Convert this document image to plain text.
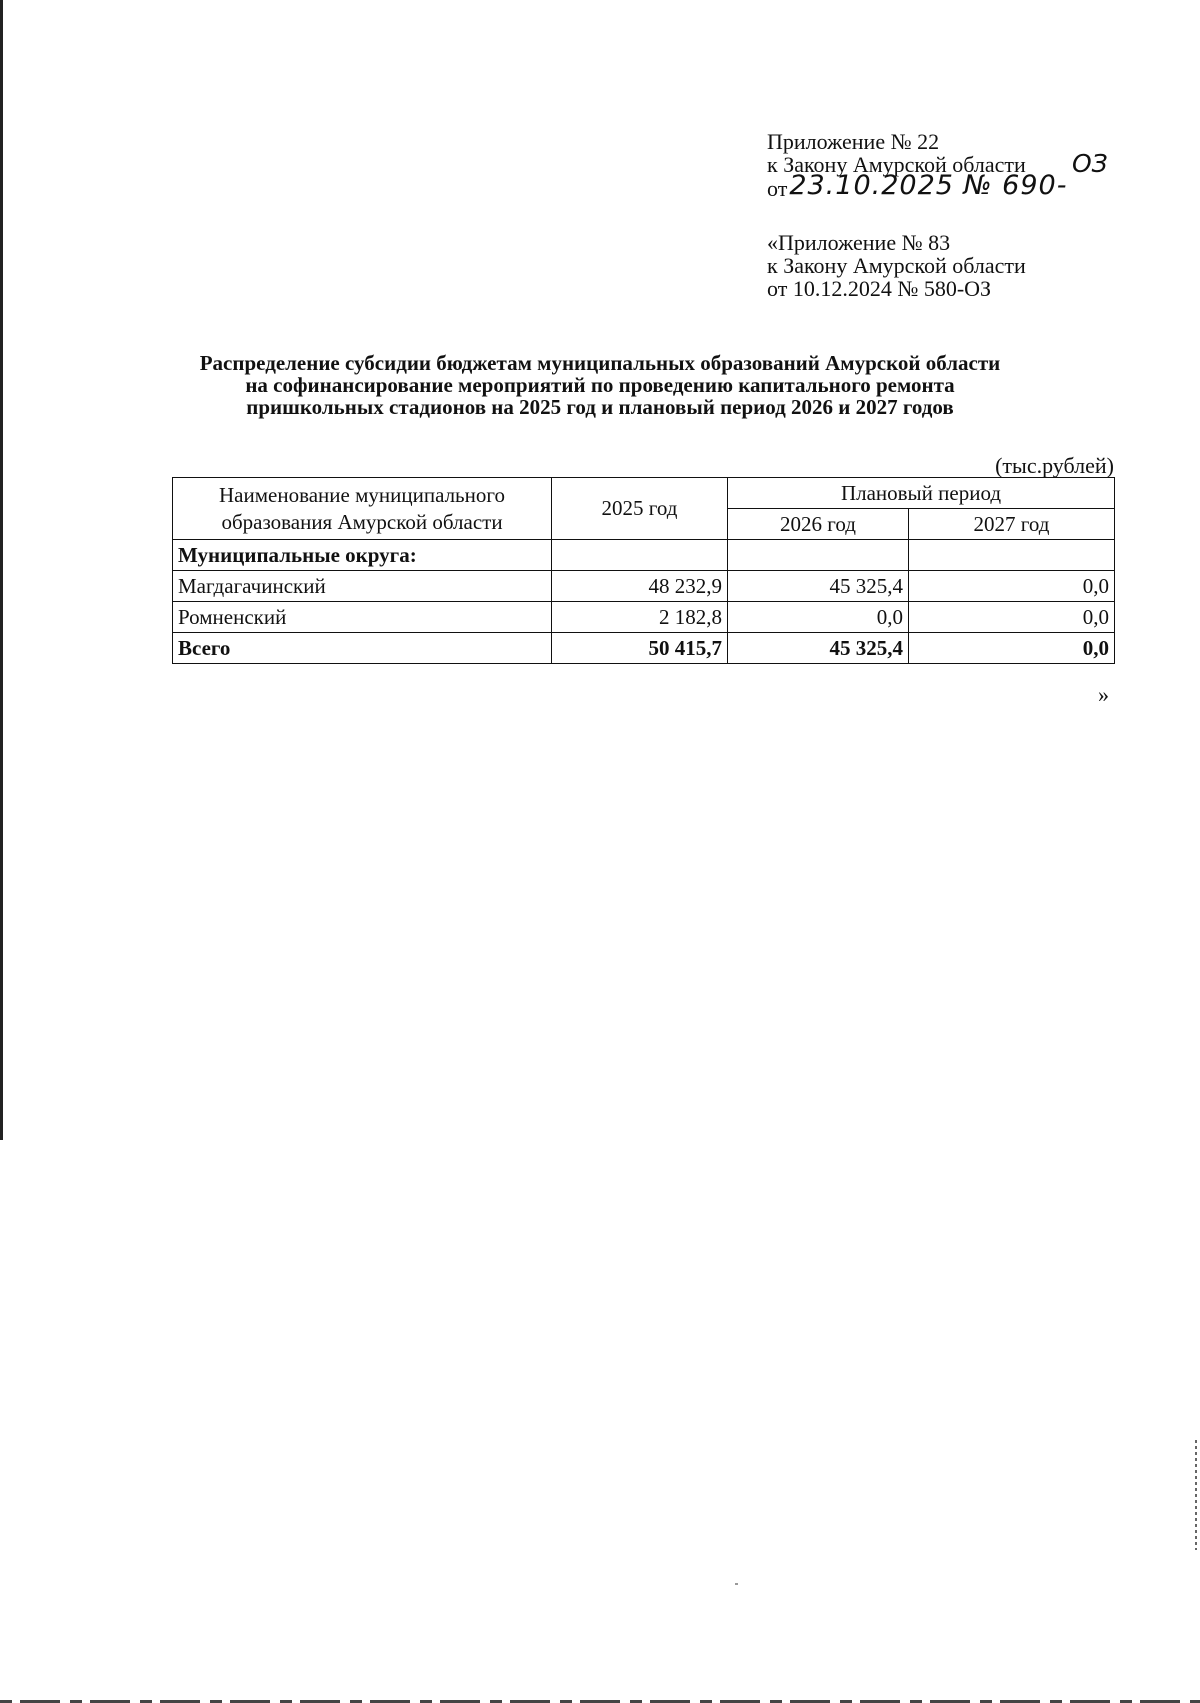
Приложение № 22
к Закону Амурской области
от23.10.2025 № 690-
ОЗ
«Приложение № 83
к Закону Амурской области
от 10.12.2024 № 580-ОЗ
Распределение субсидии бюджетам муниципальных образований Амурской области
на софинансирование мероприятий по проведению капитального ремонта
пришкольных стадионов на 2025 год и плановый период 2026 и 2027 годов
(тыс.рублей)
Наименование муниципального образования Амурской области	2025 год	Плановый период	
		2026 год	2027 год
Муниципальные округа:			
Магдагачинский	48 232,9	45 325,4	0,0
Ромненский	2 182,8	0,0	0,0
Всего	50 415,7	45 325,4	0,0
»
